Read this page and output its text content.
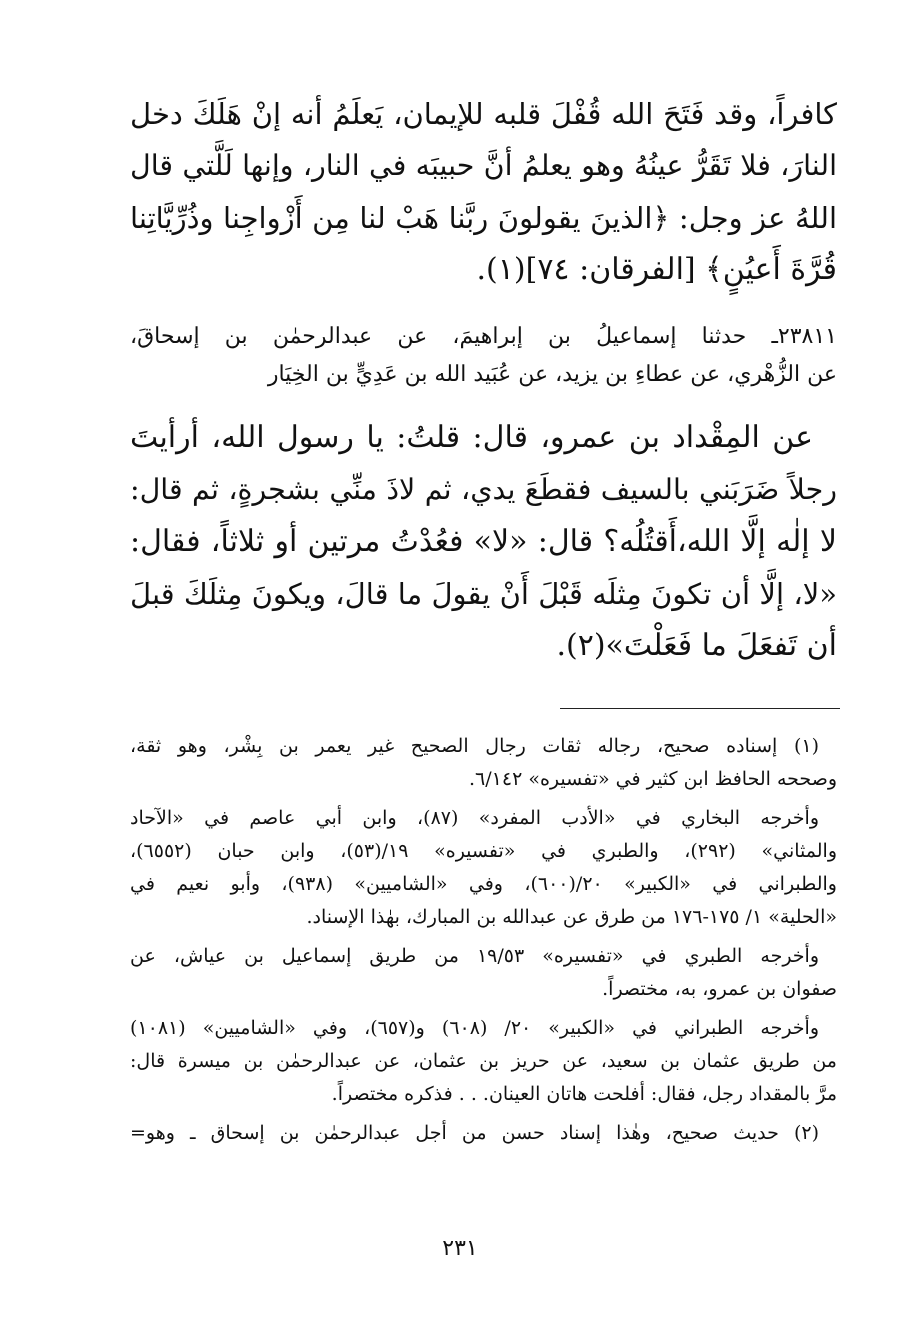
كافراً، وقد فَتَحَ الله قُفْلَ قلبه للإيمان، يَعلَمُ أنه إنْ هَلَكَ دخل
النارَ، فلا تَقَرُّ عينُهُ وهو يعلمُ أنَّ حبيبَه في النار، وإنها لَلَّتي قال
اللهُ عز وجل: ﴿الذينَ يقولونَ ربَّنا هَبْ لنا مِن أَزْواجِنا وذُرِّيَّاتِنا
قُرَّةَ أَعيُنٍ﴾ [الفرقان: ٧٤](١).
٢٣٨١١ـ حدثنا إسماعيلُ بن إبراهيمَ، عن عبدالرحمٰن بن إسحاقَ،
عن الزُّهْري، عن عطاءِ بن يزيد، عن عُبَيد الله بن عَدِيٍّ بن الخِيَار
عن المِقْداد بن عمرو، قال: قلتُ: يا رسول الله، أرأيتَ
رجلاً ضَرَبَني بالسيف فقطَعَ يدي، ثم لاذَ منِّي بشجرةٍ، ثم قال:
لا إلٰه إلَّا الله،أَقتُلُه؟ قال: «لا» فعُدْتُ مرتين أو ثلاثاً، فقال:
«لا، إلَّا أن تكونَ مِثلَه قَبْلَ أَنْ يقولَ ما قالَ، ويكونَ مِثلَكَ قبلَ
أن تَفعَلَ ما فَعَلْتَ»(٢).
(١) إسناده صحيح، رجاله ثقات رجال الصحيح غير يعمر بن بِشْر، وهو ثقة،
وصححه الحافظ ابن كثير في «تفسيره» ٦/١٤٢.
وأخرجه البخاري في «الأدب المفرد» (٨٧)، وابن أبي عاصم في «الآحاد
والمثاني» (٢٩٢)، والطبري في «تفسيره» ١٩/(٥٣)، وابن حبان (٦٥٥٢)،
والطبراني في «الكبير» ٢٠/(٦٠٠)، وفي «الشاميين» (٩٣٨)، وأبو نعيم في
«الحلية» ١/ ١٧٥-١٧٦ من طرق عن عبدالله بن المبارك، بهٰذا الإسناد.
وأخرجه الطبري في «تفسيره» ١٩/٥٣ من طريق إسماعيل بن عياش، عن
صفوان بن عمرو، به، مختصراً.
وأخرجه الطبراني في «الكبير» ٢٠/ (٦٠٨) و(٦٥٧)، وفي «الشاميين» (١٠٨١)
من طريق عثمان بن سعيد، عن حريز بن عثمان، عن عبدالرحمٰن بن ميسرة قال:
مرَّ بالمقداد رجل، فقال: أفلحت هاتان العينان. . . فذكره مختصراً.
(٢) حديث صحيح، وهٰذا إسناد حسن من أجل عبدالرحمٰن بن إسحاق ـ وهو=
٢٣١
